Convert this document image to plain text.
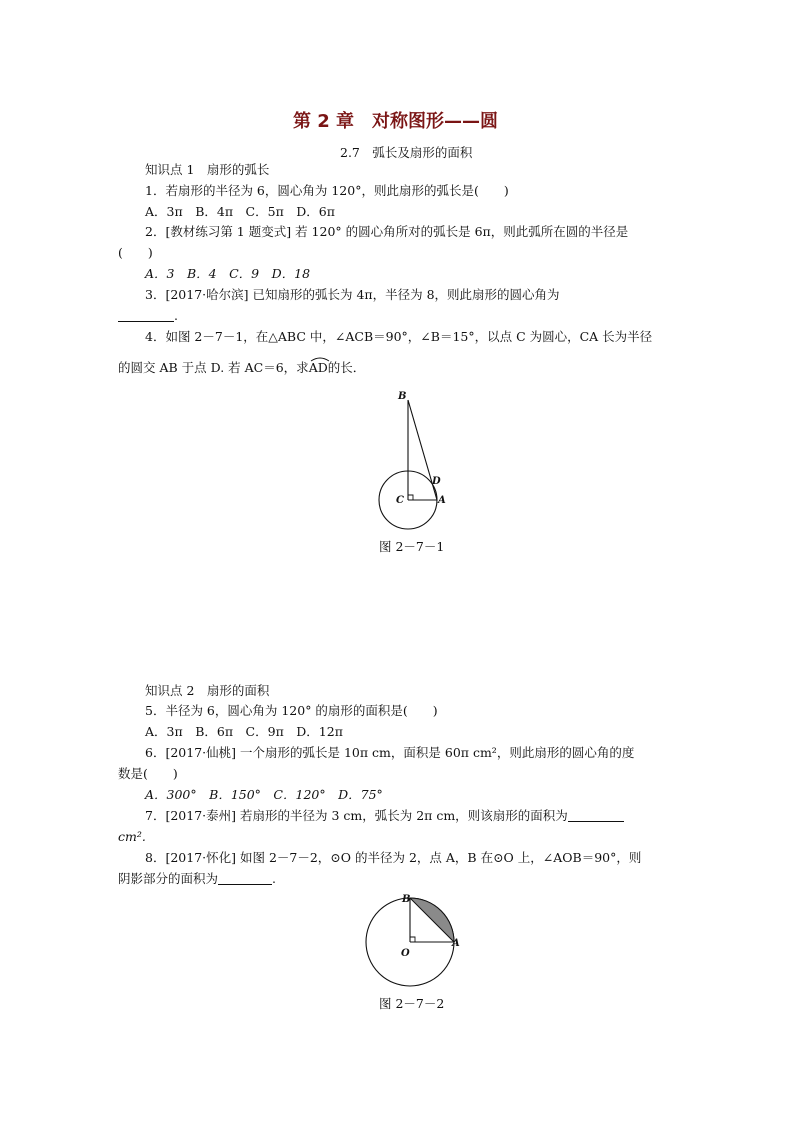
第 2 章　对称图形——圆
2.7　弧长及扇形的面积
知识点 1　扇形的弧长
1．若扇形的半径为 6，圆心角为 120°，则此扇形的弧长是(　　)
A．3π　B．4π　C．5π　D．6π
2．[教材练习第 1 题变式] 若 120° 的圆心角所对的弧长是 6π，则此弧所在圆的半径是
(　　)
A．3　B．4　C．9　D．18
3．[2017·哈尔滨] 已知扇形的弧长为 4π，半径为 8，则此扇形的圆心角为
.
4．如图 2－7－1，在△ABC 中，∠ACB＝90°，∠B＝15°，以点 C 为圆心，CA 长为半径
的圆交 AB 于点 D. 若 AC＝6，求
AD的长．
B
D
C	A
图 2－7－1
知识点 2　扇形的面积
5．半径为 6，圆心角为 120° 的扇形的面积是(　　)
A．3π　B．6π　C．9π　D．12π
6．[2017·仙桃] 一个扇形的弧长是 10π cm，面积是 60π cm²，则此扇形的圆心角的度
数是(　　)
A．300°　B．150°　C．120°　D．75°
7．[2017·泰州] 若扇形的半径为 3 cm，弧长为 2π cm，则该扇形的面积为
cm².
8．[2017·怀化] 如图 2－7－2，⊙O 的半径为 2，点 A，B 在⊙O 上，∠AOB＝90°，则
阴影部分的面积为	.
B
O
A
图 2－7－2
